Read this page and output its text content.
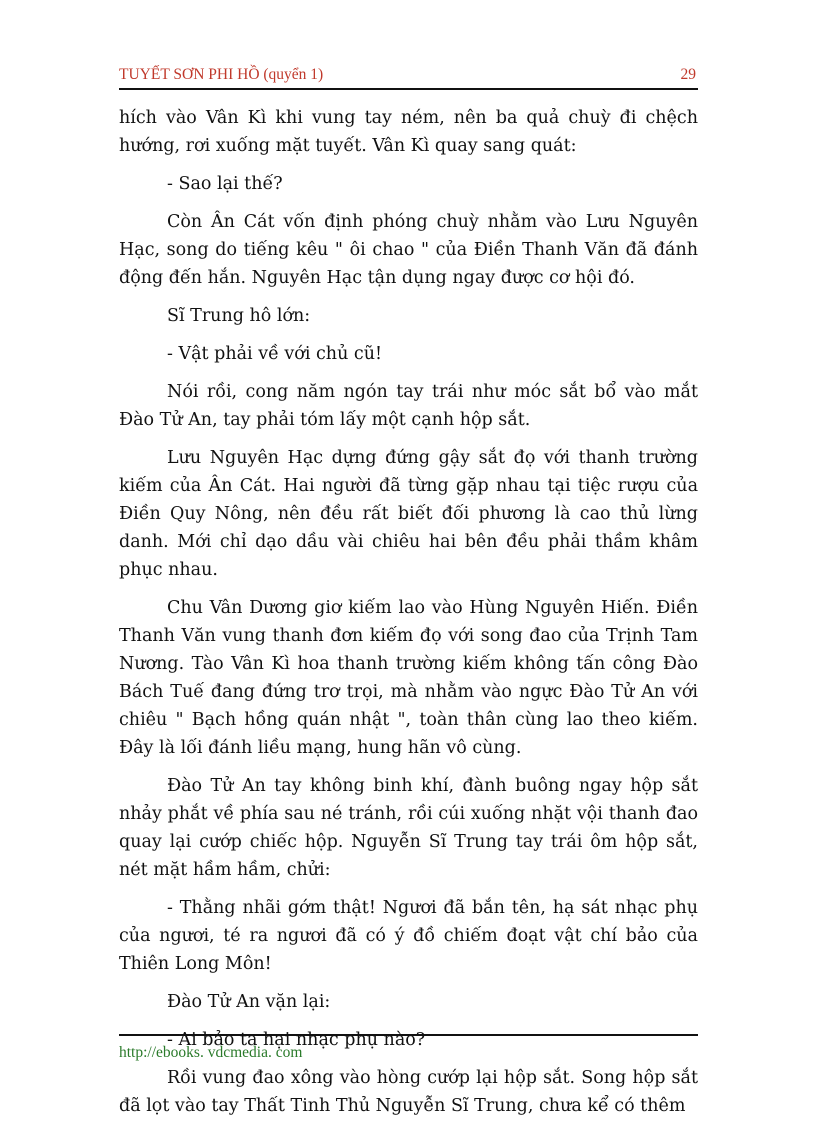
TUYẾT SƠN PHI HỒ (quyển 1)	29

hích vào Vân Kì khi vung tay ném, nên ba quả chuỳ đi chệch hướng, rơi xuống mặt tuyết. Vân Kì quay sang quát:

- Sao lại thế?

Còn Ân Cát vốn định phóng chuỳ nhằm vào Lưu Nguyên Hạc, song do tiếng kêu " ôi chao " của Điền Thanh Văn đã đánh động đến hắn. Nguyên Hạc tận dụng ngay được cơ hội đó.

Sĩ Trung hô lớn:

- Vật phải về với chủ cũ!

Nói rồi, cong năm ngón tay trái như móc sắt bổ vào mắt Đào Tử An, tay phải tóm lấy một cạnh hộp sắt.

Lưu Nguyên Hạc dựng đứng gậy sắt đọ với thanh trường kiếm của Ân Cát. Hai người đã từng gặp nhau tại tiệc rượu của Điền Quy Nông, nên đều rất biết đối phương là cao thủ lừng danh. Mới chỉ dạo dầu vài chiêu hai bên đều phải thầm khâm phục nhau.

Chu Vân Dương giơ kiếm lao vào Hùng Nguyên Hiến. Điền Thanh Văn vung thanh đơn kiếm đọ với song đao của Trịnh Tam Nương. Tào Vân Kì hoa thanh trường kiếm không tấn công Đào Bách Tuế đang đứng trơ trọi, mà nhằm vào ngực Đào Tử An với chiêu " Bạch hồng quán nhật ", toàn thân cùng lao theo kiếm. Đây là lối đánh liều mạng, hung hãn vô cùng.

Đào Tử An tay không binh khí, đành buông ngay hộp sắt nhảy phắt về phía sau né tránh, rồi cúi xuống nhặt vội thanh đao quay lại cướp chiếc hộp. Nguyễn Sĩ Trung tay trái ôm hộp sắt, nét mặt hầm hầm, chửi:

- Thằng nhãi gớm thật! Ngươi đã bắn tên, hạ sát nhạc phụ của ngươi, té ra ngươi đã có ý đồ chiếm đoạt vật chí bảo của Thiên Long Môn!

Đào Tử An vặn lại:

- Ai bảo ta hại nhạc phụ nào?

Rồi vung đao xông vào hòng cướp lại hộp sắt. Song hộp sắt đã lọt vào tay Thất Tinh Thủ Nguyễn Sĩ Trung, chưa kể có thêm

http://ebooks. vdcmedia. com
